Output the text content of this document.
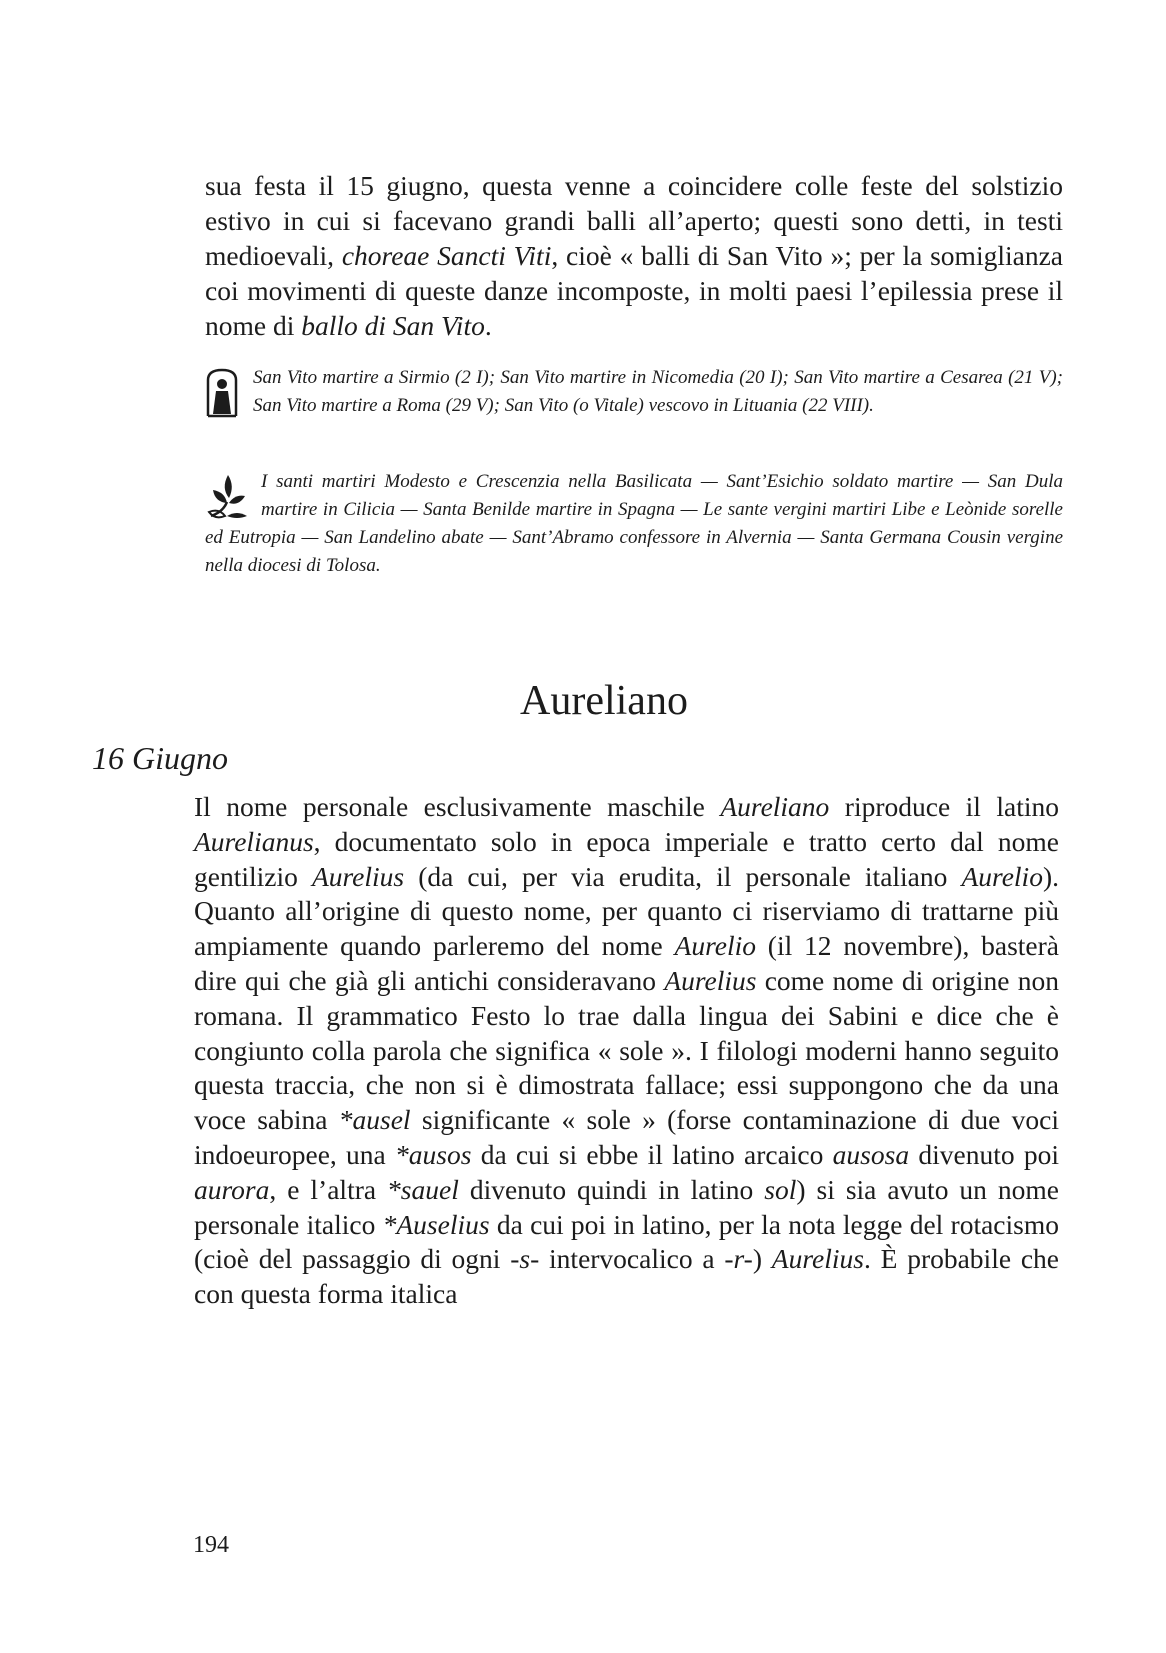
sua festa il 15 giugno, questa venne a coincidere colle feste del solstizio estivo in cui si facevano grandi balli all’aperto; questi sono detti, in testi medioevali, choreae Sancti Viti, cioè « balli di San Vito »; per la somiglianza coi movimenti di queste danze incomposte, in molti paesi l’epilessia prese il nome di ballo di San Vito.

San Vito martire a Sirmio (2 I); San Vito martire in Nicomedia (20 I); San Vito martire a Cesarea (21 V); San Vito martire a Roma (29 V); San Vito (o Vitale) vescovo in Lituania (22 VIII).

I santi martiri Modesto e Crescenzia nella Basilicata — Sant’Esichio soldato martire — San Dula martire in Cilicia — Santa Benilde martire in Spagna — Le sante vergini martiri Libe e Leònide sorelle ed Eutropia — San Landelino abate — Sant’Abramo confessore in Alvernia — Santa Germana Cousin vergine nella diocesi di Tolosa.

Aureliano
16 Giugno

Il nome personale esclusivamente maschile Aureliano riproduce il latino Aurelianus, documentato solo in epoca imperiale e tratto certo dal nome gentilizio Aurelius (da cui, per via erudita, il personale italiano Aurelio). Quanto all’origine di questo nome, per quanto ci riserviamo di trattarne più ampiamente quando parleremo del nome Aurelio (il 12 novembre), basterà dire qui che già gli antichi consideravano Aurelius come nome di origine non romana. Il grammatico Festo lo trae dalla lingua dei Sabini e dice che è congiunto colla parola che significa « sole ». I filologi moderni hanno seguito questa traccia, che non si è dimostrata fallace; essi suppongono che da una voce sabina *ausel significante « sole » (forse contaminazione di due voci indoeuropee, una *ausos da cui si ebbe il latino arcaico ausosa divenuto poi aurora, e l’altra *sauel divenuto quindi in latino sol) si sia avuto un nome personale italico *Auselius da cui poi in latino, per la nota legge del rotacismo (cioè del passaggio di ogni -s- intervocalico a -r-) Aurelius. È probabile che con questa forma italica

194
